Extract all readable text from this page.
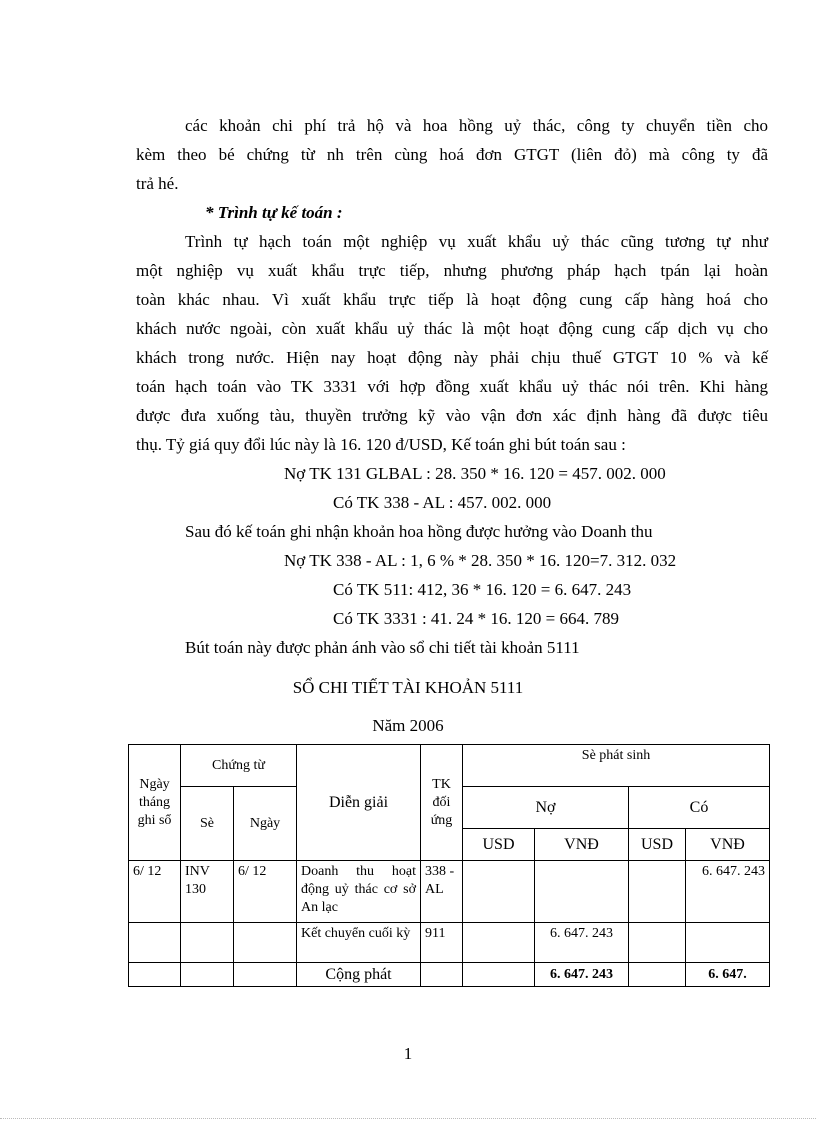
các khoản chi phí trả hộ và hoa hồng uỷ thác, công ty chuyển tiền cho
kèm theo bé chứng từ nh trên cùng hoá đơn GTGT (liên đỏ) mà công ty đã
trả hé.
* Trình tự kế toán :
Trình tự hạch toán một nghiệp vụ xuất khẩu uỷ thác cũng tương tự như
một nghiệp vụ xuất khẩu trực tiếp, nhưng phương pháp hạch tpán lại hoàn
toàn khác nhau. Vì xuất khẩu trực tiếp là hoạt động cung cấp hàng hoá cho
khách nước ngoài, còn xuất khẩu uỷ thác là một hoạt động cung cấp dịch vụ cho
khách trong nước. Hiện nay hoạt động này phải chịu thuế GTGT 10 % và kế
toán hạch toán vào TK 3331 với hợp đồng xuất khẩu uỷ thác nói trên. Khi hàng
được đưa xuống tàu, thuyền trưởng kỹ vào vận đơn xác định hàng đã được tiêu
thụ. Tỷ giá quy đổi lúc này là 16. 120 đ/USD, Kế toán ghi bút toán sau :
Nợ TK 131 GLBAL : 28. 350 * 16. 120 = 457. 002. 000
Có TK 338 - AL : 457. 002. 000
Sau đó kế toán ghi nhận khoản hoa hồng được hưởng vào Doanh thu
Nợ TK 338 - AL : 1, 6 % * 28. 350 * 16. 120=7. 312. 032
Có TK 511: 412, 36 * 16. 120 = 6. 647. 243
Có TK 3331 : 41. 24 * 16. 120 = 664. 789
Bút toán này được phản ánh vào sổ chi tiết tài khoản 5111
SỔ CHI TIẾT TÀI KHOẢN 5111
Năm 2006
Ngày tháng ghi sổ	Chứng từ		Diễn giải	TK đối ứng	Sè phát sinh			
	Sè	Ngày			Nợ		Có	
					USD	VNĐ	USD	VNĐ
6/ 12	INV 130	6/ 12	Doanh thu hoạt động uỷ thác cơ sở An lạc	338 - AL				6. 647. 243
			Kết chuyển cuối kỳ	911		6. 647. 243		
			Cộng phát			6. 647. 243		6. 647.
1
